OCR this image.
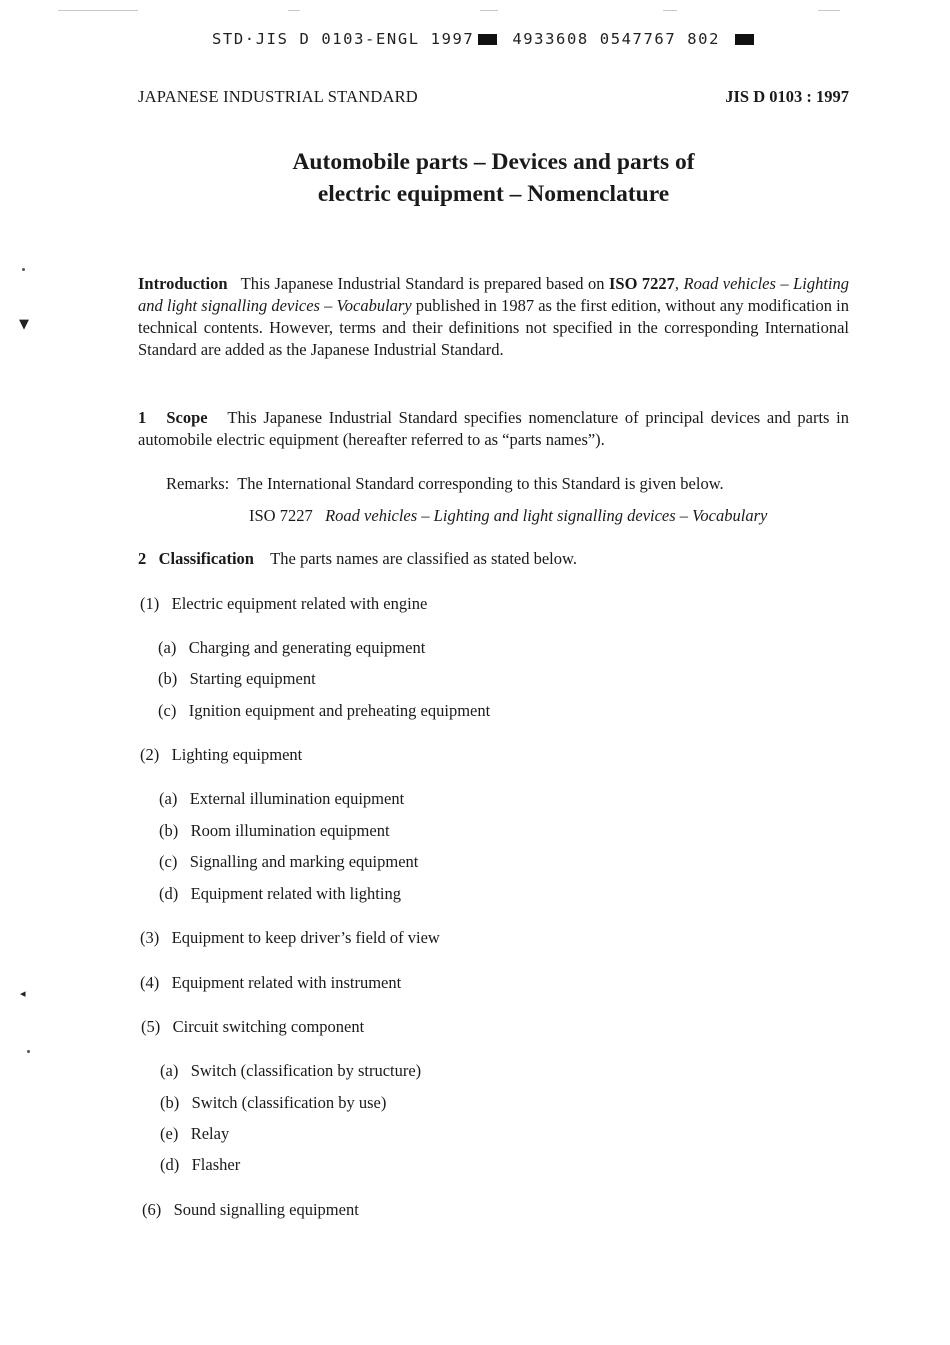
▼
◂
STD·JIS D 0103-ENGL 1997 4933608 0547767 802
JAPANESE INDUSTRIAL STANDARD	JIS D 0103 : 1997
Automobile parts – Devices and parts of
electric equipment – Nomenclature
Introduction This Japanese Industrial Standard is prepared based on ISO 7227, Road vehicles – Lighting and light signalling devices – Vocabulary published in 1987 as the first edition, without any modification in technical contents. However, terms and their definitions not specified in the corresponding International Standard are added as the Japanese Industrial Standard.
1 Scope This Japanese Industrial Standard specifies nomenclature of principal devices and parts in automobile electric equipment (hereafter referred to as “parts names”).
Remarks: The International Standard corresponding to this Standard is given below.
ISO 7227 Road vehicles – Lighting and light signalling devices – Vocabulary
2 Classification The parts names are classified as stated below.
(1) Electric equipment related with engine
(a) Charging and generating equipment
(b) Starting equipment
(c) Ignition equipment and preheating equipment
(2) Lighting equipment
(a) External illumination equipment
(b) Room illumination equipment
(c) Signalling and marking equipment
(d) Equipment related with lighting
(3) Equipment to keep driver’s field of view
(4) Equipment related with instrument
(5) Circuit switching component
(a) Switch (classification by structure)
(b) Switch (classification by use)
(e) Relay
(d) Flasher
(6) Sound signalling equipment
